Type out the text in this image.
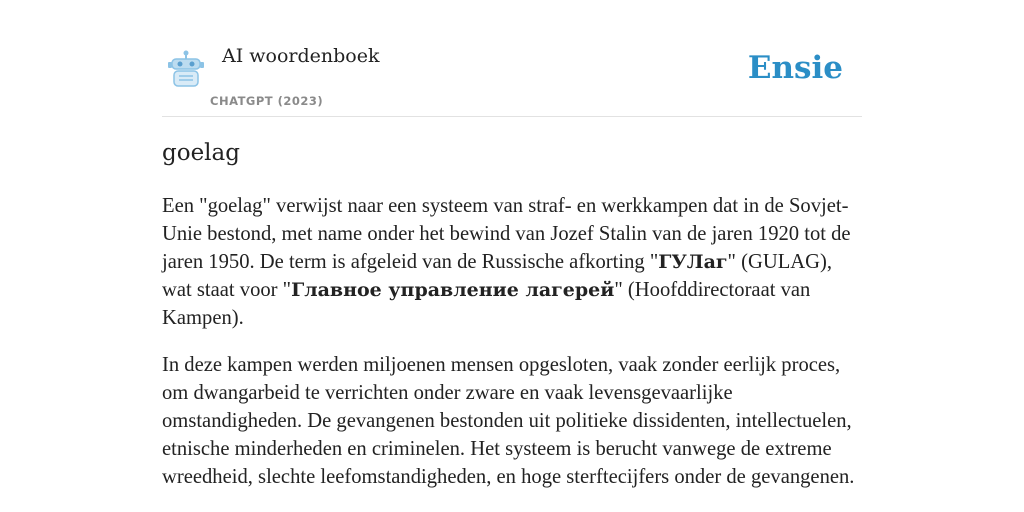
AI woordenboek
CHATGPT (2023)
Ensie
goelag

Een "goelag" verwijst naar een systeem van straf- en werkkampen dat in de Sovjet-Unie bestond, met name onder het bewind van Jozef Stalin van de jaren 1920 tot de jaren 1950. De term is afgeleid van de Russische afkorting "ГУЛаг" (GULAG), wat staat voor "Главное управление лагерей" (Hoofddirectoraat van Kampen).

In deze kampen werden miljoenen mensen opgesloten, vaak zonder eerlijk proces, om dwangarbeid te verrichten onder zware en vaak levensgevaarlijke omstandigheden. De gevangenen bestonden uit politieke dissidenten, intellectuelen, etnische minderheden en criminelen. Het systeem is berucht vanwege de extreme wreedheid, slechte leefomstandigheden, en hoge sterftecijfers onder de gevangenen.
